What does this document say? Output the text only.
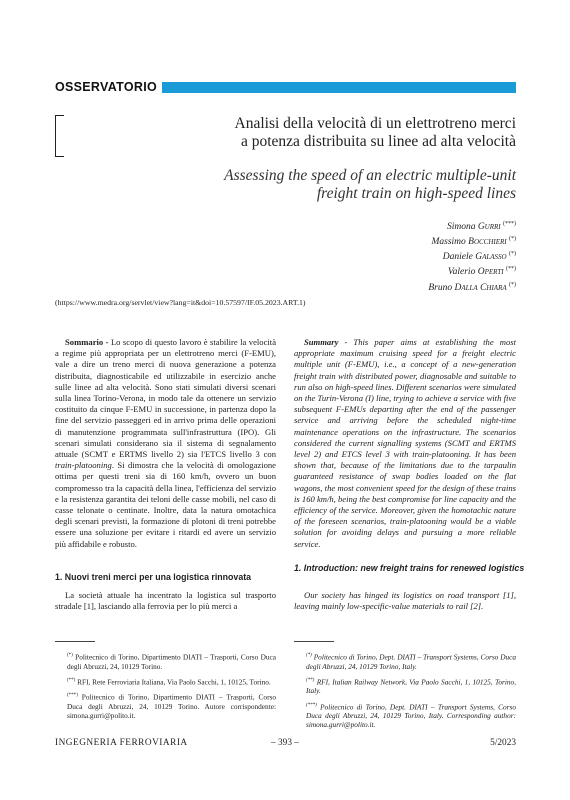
OSSERVATORIO
Analisi della velocità di un elettrotreno merci
a potenza distribuita su linee ad alta velocità
Assessing the speed of an electric multiple-unit
freight train on high-speed lines
Simona Gurri (***)
Massimo Bocchieri (*)
Daniele Galasso (*)
Valerio Operti (**)
Bruno Dalla Chiara (*)
(https://www.medra.org/servlet/view?lang=it&doi=10.57597/IF.05.2023.ART.1)
Sommario - Lo scopo di questo lavoro è stabilire la velocità a regime più appropriata per un elettrotreno merci (F-EMU), vale a dire un treno merci di nuova generazione a potenza distribuita, diagnosticabile ed utilizzabile in esercizio anche sulle linee ad alta velocità. Sono stati simulati diversi scenari sulla linea Torino-Verona, in modo tale da ottenere un servizio costituito da cinque F-EMU in successione, in partenza dopo la fine del servizio passeggeri ed in arrivo prima delle operazioni di manutenzione programmata sull'infrastruttura (IPO). Gli scenari simulati considerano sia il sistema di segnalamento attuale (SCMT e ERTMS livello 2) sia l'ETCS livello 3 con train-platooning. Si dimostra che la velocità di omologazione ottima per questi treni sia di 160 km/h, ovvero un buon compromesso tra la capacità della linea, l'efficienza del servizio e la resistenza garantita dei teloni delle casse mobili, nel caso di casse telonate o centinate. Inoltre, data la natura omotachica degli scenari previsti, la formazione di plotoni di treni potrebbe essere una soluzione per evitare i ritardi ed avere un servizio più affidabile e robusto.
Summary - This paper aims at establishing the most appropriate maximum cruising speed for a freight electric multiple unit (F-EMU), i.e., a concept of a new-generation freight train with distributed power, diagnosable and suitable to run also on high-speed lines. Different scenarios were simulated on the Turin-Verona (I) line, trying to achieve a service with five subsequent F-EMUs departing after the end of the passenger service and arriving before the scheduled night-time maintenance operations on the infrastructure. The scenarios considered the current signalling systems (SCMT and ERTMS level 2) and ETCS level 3 with train-platooning. It has been shown that, because of the limitations due to the tarpaulin guaranteed resistance of swap bodies loaded on the flat wagons, the most convenient speed for the design of these trains is 160 km/h, being the best compromise for line capacity and the efficiency of the service. Moreover, given the homotachic nature of the foreseen scenarios, train-platooning would be a viable solution for avoiding delays and pursuing a more reliable service.
1. Nuovi treni merci per una logistica rinnovata
1. Introduction: new freight trains for renewed logistics
La società attuale ha incentrato la logistica sul trasporto stradale [1], lasciando alla ferrovia per lo più merci a
Our society has hinged its logistics on road transport [1], leaving mainly low-specific-value materials to rail [2].

(*) Politecnico di Torino, Dipartimento DIATI – Trasporti, Corso Duca degli Abruzzi, 24, 10129 Torino.

(**) RFI, Rete Ferroviaria Italiana, Via Paolo Sacchi, 1, 10125, Torino.

(***) Politecnico di Torino, Dipartimento DIATI – Trasporti, Corso Duca degli Abruzzi, 24, 10129 Torino. Autore corrispondente: simona.gurri@polito.it.

(*) Politecnico di Torino, Dept. DIATI – Transport Systems, Corso Duca degli Abruzzi, 24, 10129 Torino, Italy.

(**) RFI, Italian Railway Network, Via Paolo Sacchi, 1, 10125, Torino, Italy.

(***) Politecnico di Torino, Dept. DIATI – Transport Systems, Corso Duca degli Abruzzi, 24, 10129 Torino, Italy. Corresponding author: simona.gurri@polito.it.

INGEGNERIA FERROVIARIA	– 393 –	5/2023
